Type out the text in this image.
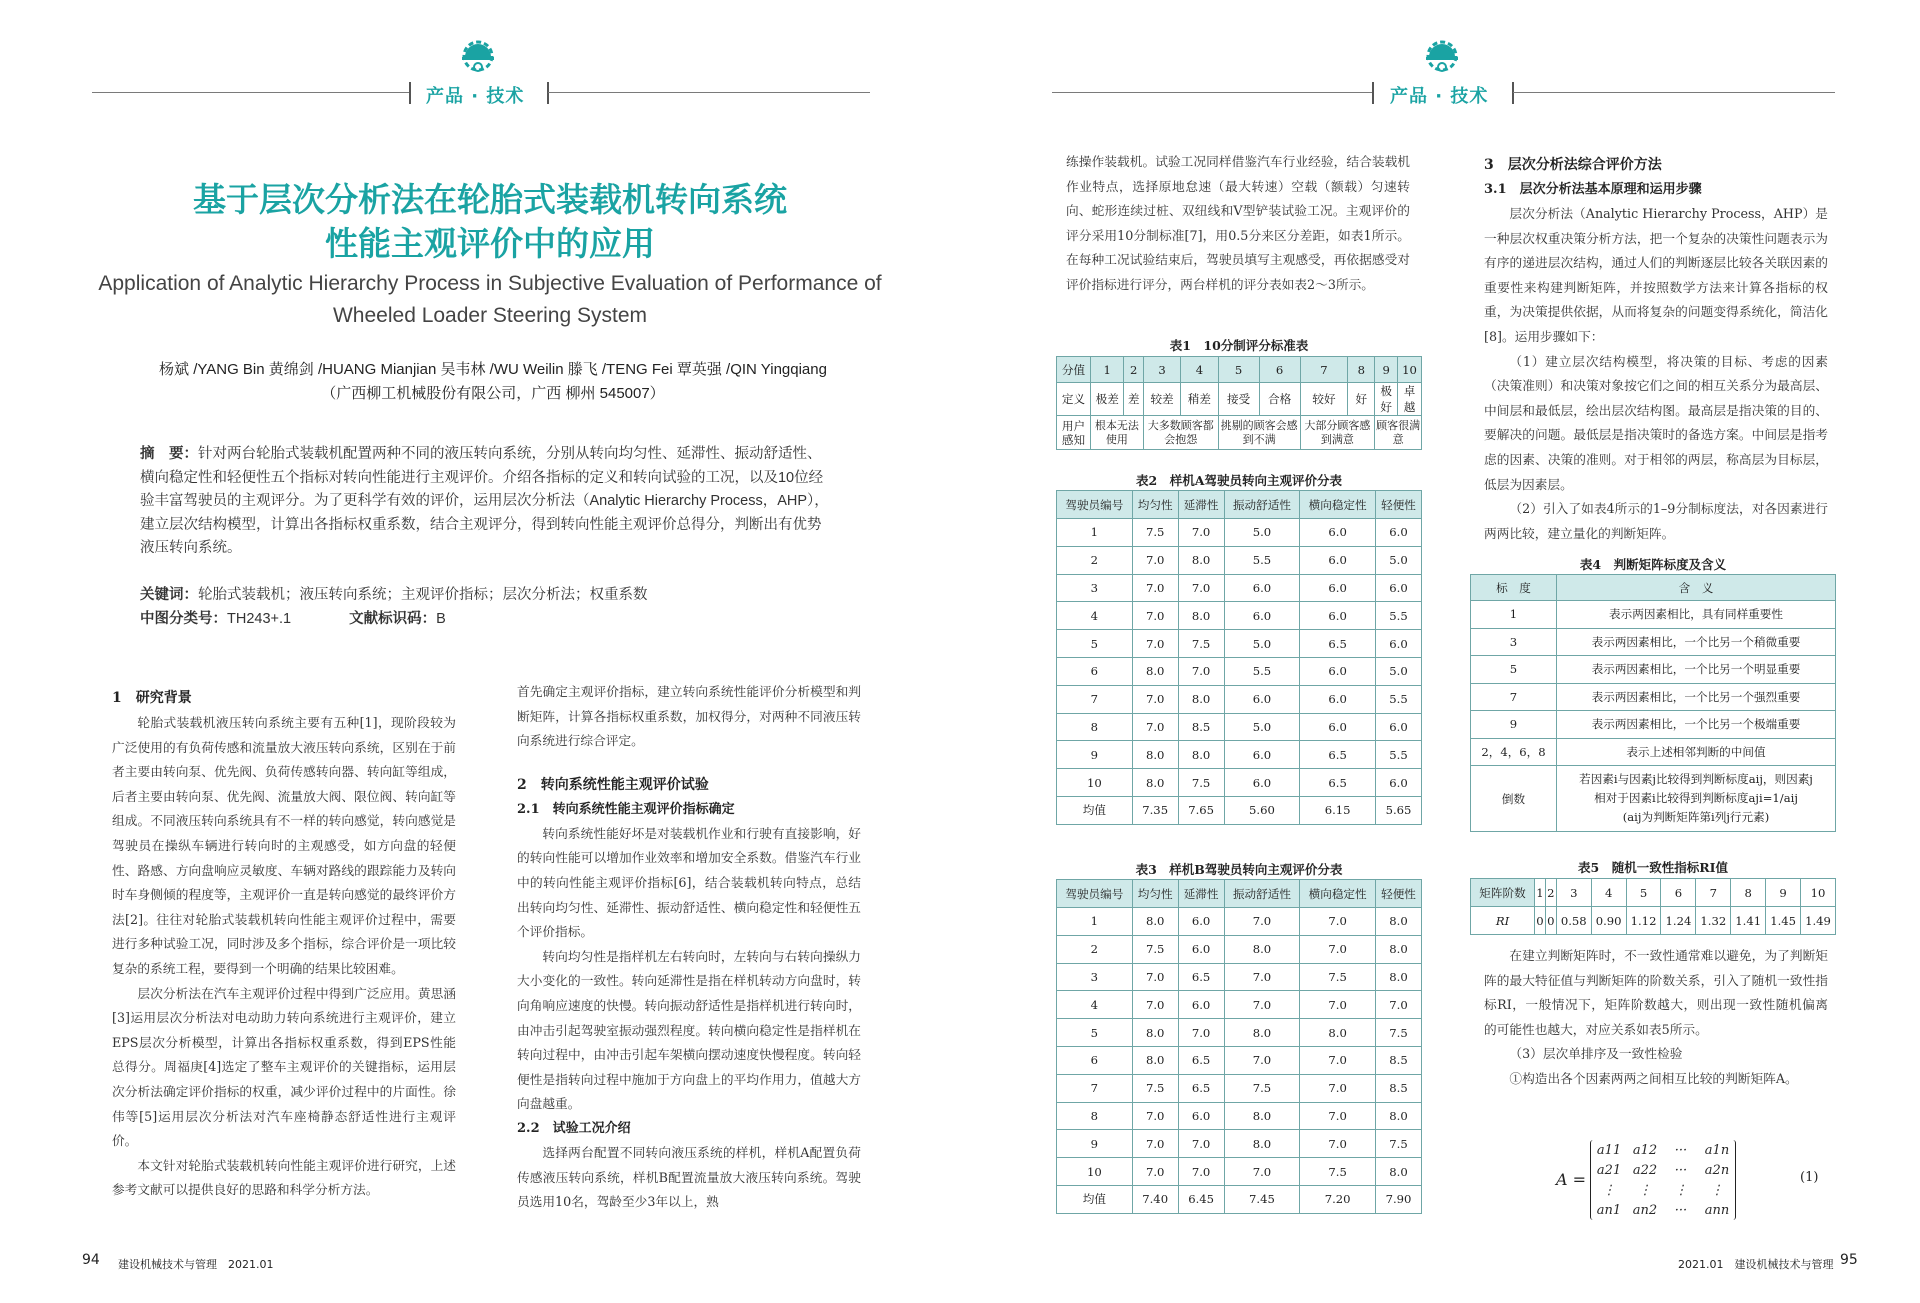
产品 · 技术	产品 · 技术
基于层次分析法在轮胎式装载机转向系统
性能主观评价中的应用
Application of Analytic Hierarchy Process in Subjective Evaluation of Performance of
Wheeled Loader Steering System
杨斌 /YANG Bin 黄绵剑 /HUANG Mianjian 吴韦林 /WU Weilin 滕飞 /TENG Fei 覃英强 /QIN Yingqiang
（广西柳工机械股份有限公司，广西 柳州 545007）
摘　要：针对两台轮胎式装载机配置两种不同的液压转向系统，分别从转向均匀性、延滞性、振动舒适性、横向稳定性和轻便性五个指标对转向性能进行主观评价。介绍各指标的定义和转向试验的工况，以及10位经验丰富驾驶员的主观评分。为了更科学有效的评价，运用层次分析法（Analytic Hierarchy Process，AHP），建立层次结构模型，计算出各指标权重系数，结合主观评分，得到转向性能主观评价总得分，判断出有优势液压转向系统。
关键词：轮胎式装载机；液压转向系统；主观评价指标；层次分析法；权重系数
中图分类号：TH243+.1	文献标识码：B
1　研究背景

轮胎式装载机液压转向系统主要有五种[1]，现阶段较为广泛使用的有负荷传感和流量放大液压转向系统，区别在于前者主要由转向泵、优先阀、负荷传感转向器、转向缸等组成，后者主要由转向泵、优先阀、流量放大阀、限位阀、转向缸等组成。不同液压转向系统具有不一样的转向感觉，转向感觉是驾驶员在操纵车辆进行转向时的主观感受，如方向盘的轻便性、路感、方向盘响应灵敏度、车辆对路线的跟踪能力及转向时车身侧倾的程度等，主观评价一直是转向感觉的最终评价方法[2]。往往对轮胎式装载机转向性能主观评价过程中，需要进行多种试验工况，同时涉及多个指标，综合评价是一项比较复杂的系统工程，要得到一个明确的结果比较困难。

层次分析法在汽车主观评价过程中得到广泛应用。黄思涵[3]运用层次分析法对电动助力转向系统进行主观评价，建立EPS层次分析模型，计算出各指标权重系数，得到EPS性能总得分。周福庚[4]选定了整车主观评价的关键指标，运用层次分析法确定评价指标的权重，减少评价过程中的片面性。徐伟等[5]运用层次分析法对汽车座椅静态舒适性进行主观评价。

本文针对轮胎式装载机转向性能主观评价进行研究，上述参考文献可以提供良好的思路和科学分析方法。

首先确定主观评价指标，建立转向系统性能评价分析模型和判断矩阵，计算各指标权重系数，加权得分，对两种不同液压转向系统进行综合评定。

2　转向系统性能主观评价试验
2.1　转向系统性能主观评价指标确定

转向系统性能好坏是对装载机作业和行驶有直接影响，好的转向性能可以增加作业效率和增加安全系数。借鉴汽车行业中的转向性能主观评价指标[6]，结合装载机转向特点，总结出转向均匀性、延滞性、振动舒适性、横向稳定性和轻便性五个评价指标。

转向均匀性是指样机左右转向时，左转向与右转向操纵力大小变化的一致性。转向延滞性是指在样机转动方向盘时，转向角响应速度的快慢。转向振动舒适性是指样机进行转向时，由冲击引起驾驶室振动强烈程度。转向横向稳定性是指样机在转向过程中，由冲击引起车架横向摆动速度快慢程度。转向轻便性是指转向过程中施加于方向盘上的平均作用力，值越大方向盘越重。

2.2　试验工况介绍

选择两台配置不同转向液压系统的样机，样机A配置负荷传感液压转向系统，样机B配置流量放大液压转向系统。驾驶员选用10名，驾龄至少3年以上，熟

练操作装载机。试验工况同样借鉴汽车行业经验，结合装载机作业特点，选择原地怠速（最大转速）空载（额载）匀速转向、蛇形连续过桩、双纽线和V型铲装试验工况。主观评价的评分采用10分制标准[7]，用0.5分来区分差距，如表1所示。在每种工况试验结束后，驾驶员填写主观感受，再依据感受对评价指标进行评分，两台样机的评分表如表2～3所示。

表1　10分制评分标准表
分值	1	2	3	4	5	6	7	8	9	10
定义	极差	差	较差	稍差	接受	合格	较好	好	极好	卓越
用户感知	根本无法使用		大多数顾客都会抱怨		挑剔的顾客会感到不满		大部分顾客感到满意		顾客很满意	
表2　样机A驾驶员转向主观评价分表
驾驶员编号	均匀性	延滞性	振动舒适性	横向稳定性	轻便性
1	7.5	7.0	5.0	6.0	6.0
2	7.0	8.0	5.5	6.0	5.0
3	7.0	7.0	6.0	6.0	6.0
4	7.0	8.0	6.0	6.0	5.5
5	7.0	7.5	5.0	6.5	6.0
6	8.0	7.0	5.5	6.0	5.0
7	7.0	8.0	6.0	6.0	5.5
8	7.0	8.5	5.0	6.0	6.0
9	8.0	8.0	6.0	6.5	5.5
10	8.0	7.5	6.0	6.5	6.0
均值	7.35	7.65	5.60	6.15	5.65
表3　样机B驾驶员转向主观评价分表
驾驶员编号	均匀性	延滞性	振动舒适性	横向稳定性	轻便性
1	8.0	6.0	7.0	7.0	8.0
2	7.5	6.0	8.0	7.0	8.0
3	7.0	6.5	7.0	7.5	8.0
4	7.0	6.0	7.0	7.0	7.0
5	8.0	7.0	8.0	8.0	7.5
6	8.0	6.5	7.0	7.0	8.5
7	7.5	6.5	7.5	7.0	8.5
8	7.0	6.0	8.0	7.0	8.0
9	7.0	7.0	8.0	7.0	7.5
10	7.0	7.0	7.0	7.5	8.0
均值	7.40	6.45	7.45	7.20	7.90
3　层次分析法综合评价方法
3.1　层次分析法基本原理和运用步骤

层次分析法（Analytic Hierarchy Process，AHP）是一种层次权重决策分析方法，把一个复杂的决策性问题表示为有序的递进层次结构，通过人们的判断逐层比较各关联因素的重要性来构建判断矩阵，并按照数学方法来计算各指标的权重，为决策提供依据，从而将复杂的问题变得系统化，简洁化[8]。运用步骤如下：

（1）建立层次结构模型，将决策的目标、考虑的因素（决策准则）和决策对象按它们之间的相互关系分为最高层、中间层和最低层，绘出层次结构图。最高层是指决策的目的、要解决的问题。最低层是指决策时的备选方案。中间层是指考虑的因素、决策的准则。对于相邻的两层，称高层为目标层，低层为因素层。

（2）引入了如表4所示的1–9分制标度法，对各因素进行两两比较，建立量化的判断矩阵。

表4　判断矩阵标度及含义
标　度	含　义
1	表示两因素相比，具有同样重要性
3	表示两因素相比，一个比另一个稍微重要
5	表示两因素相比，一个比另一个明显重要
7	表示两因素相比，一个比另一个强烈重要
9	表示两因素相比，一个比另一个极端重要
2，4，6，8	表示上述相邻判断的中间值
倒数	若因素i与因素j比较得到判断标度aij，则因素j
相对于因素i比较得到判断标度aji=1/aij
(aij为判断矩阵第i列j行元素)
表5　随机一致性指标RI值
矩阵阶数	1	2	3	4	5	6	7	8	9	10
RI	0	0	0.58	0.90	1.12	1.24	1.32	1.41	1.45	1.49

在建立判断矩阵时，不一致性通常难以避免，为了判断矩阵的最大特征值与判断矩阵的阶数关系，引入了随机一致性指标RI，一般情况下，矩阵阶数越大，则出现一致性随机偏离的可能性也越大，对应关系如表5所示。

（3）层次单排序及一致性检验

①构造出各个因素两两之间相互比较的判断矩阵A。

A =
a11 a12	···	a1n
a21 a22	···	a2n
⋮	⋮	⋮	⋮
an1 an2	···	ann
(1)
94 建设机械技术与管理　2021.01	2021.01　建设机械技术与管理 95
